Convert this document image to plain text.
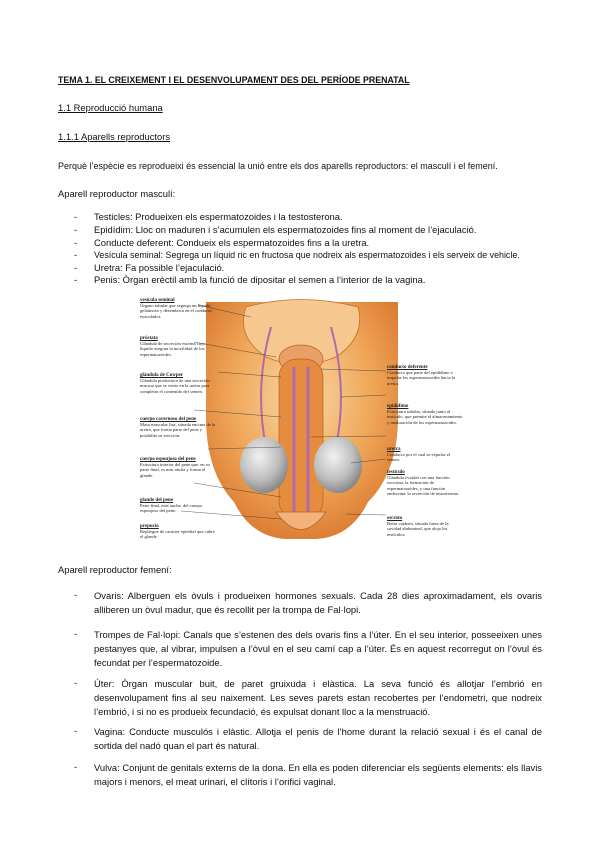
TEMA 1. EL CREIXEMENT I EL DESENVOLUPAMENT DES DEL PERÍODE PRENATAL
1.1 Reproducció humana
1.1.1 Aparells reproductors
Perquè l’espècie es reprodueixi és essencial la unió entre els dos aparells reproductors: el masculí i el femení.
Aparell reproductor masculí:
- Testicles: Produeixen els espermatozoides i la testosterona.
- Epidídim: Lloc on maduren i s’acumulen els espermatozoides fins al moment de l’ejaculació.
- Conducte deferent: Condueix els espermatozoides fins a la uretra.
- Vesícula seminal: Segrega un líquid ric en fructosa que nodreix als espermatozoides i els serveix de vehicle.
- Uretra: Fa possible l’ejaculació.
- Penis: Òrgan erèctil amb la funció de dipositar el semen a l’interior de la vagina.
vesícula seminal
Órgano tubular que segrega un líquido gelatinoso y desemboca en el conducto eyaculador.
próstata
Glándula de secreción externa cuyo líquido asegura la movilidad de los espermatozoides.
glándula de Cowper
Glándula productora de una secreción mucosa que se vierte en la uretra para completar el contenido del semen.
cuerpo cavernoso del pene
Masa muscular lisa, situada encima de la uretra, que forma parte del pene y posibilita su erección.
cuerpo esponjoso del pene
Estructura interior del pene que, en su parte final, es más ancha y forma el glande.
glande del pene
Parte final, más ancha, del cuerpo esponjoso del pene.
prepucio
Repliegue de carácter epitelial que cubre el glande.
conducto deferente
Conducto que parte del epidídimo e impulsa los espermatozoides hacia la uretra.
epidídimo
Estructura tubular, situada junto al testículo, que permite el almacenamiento y maduración de los espermatozoides.
uretra
Conducto por el cual se expulsa el semen.
testículo
Glándula ovoidal con una función exocrina, la formación de espermatozoides, y una función endocrina, la secreción de testosterona.
escroto
Bolsa cutánea, situada fuera de la cavidad abdominal, que aloja los testículos.
Aparell reproductor femení:
- Ovaris: Alberguen els òvuls i produeixen hormones sexuals. Cada 28 dies aproximadament, els ovaris alliberen un òvul madur, que és recollit per la trompa de Fal·lopi.
- Trompes de Fal·lopi: Canals que s’estenen des dels ovaris fins a l’úter. En el seu interior, posseeixen unes pestanyes que, al vibrar, impulsen a l’òvul en el seu camí cap a l’úter. És en aquest recorregut on l’òvul és fecundat per l’espermatozoide.
- Úter: Òrgan muscular buit, de paret gruixuda i elàstica. La seva funció és allotjar l’embrió en desenvolupament fins al seu naixement. Les seves parets estan recobertes per l’endometri, que nodreix l’embrió, i si no es produeix fecundació, és expulsat donant lloc a la menstruació.
- Vagina: Conducte musculós i elàstic. Allotja el penis de l’home durant la relació sexual i és el canal de sortida del nadó quan el part és natural.
- Vulva: Conjunt de genitals externs de la dona. En ella es poden diferenciar els següents elements: els llavis majors i menors, el meat urinari, el clítoris i l’orifici vaginal.
